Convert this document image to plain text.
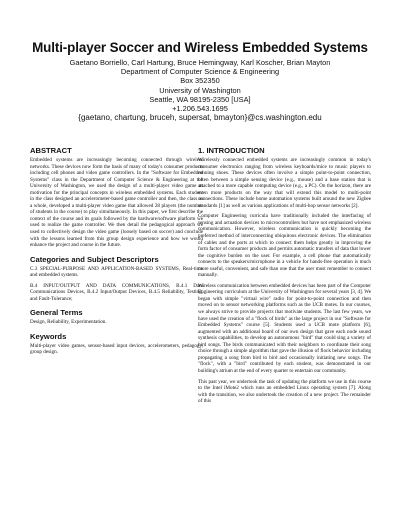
Multi-player Soccer and Wireless Embedded Systems
Gaetano Borriello, Carl Hartung, Bruce Hemingway, Karl Koscher, Brian Mayton
Department of Computer Science & Engineering
Box 352350
University of Washington
Seattle, WA 98195-2350 [USA]
+1.206.543.1695
{gaetano, chartung, bruceh, supersat, bmayton}@cs.washington.edu
ABSTRACT

Embedded systems are increasingly becoming connected through wireless networks. These devices now form the basis of many of today's consumer products including cell phones and video game controllers. In the "Software for Embedded Systems" class in the Department of Computer Science & Engineering at the University of Washington, we used the design of a multi-player video game as motivation for the principal concepts in wireless embedded systems. Each student in the class designed an accelerometer-based game controller and then, the class as a whole, developed a multi-player video game that allowed 28 players (the number of students in the course) to play simultaneously. In this paper, we first describe the context of the course and its goals followed by the hardware/software platform we used to realize the game controller. We then detail the pedagogical approach we used to collectively design the video game (loosely based on soccer) and conclude with the lessons learned from this group design experience and how we would enhance the project and course in the future.

Categories and Subject Descriptors

C.3 SPECIAL-PURPOSE AND APPLICATION-BASED SYSTEMS, Real-time and embedded systems.

B.4 INPUT/OUTPUT AND DATA COMMUNICATIONS, B.4.1 Data Communications Devices, B.4.2 Input/Output Devices, B.4.5 Reliability, Testing, and Fault-Tolerance;

General Terms

Design, Reliability, Experimentation.

Keywords

Multi-player video games, sensor-based input devices, accelerometers, pedagogy, group design.

1. INTRODUCTION

Wirelessly connected embedded systems are increasingly common in today's consumer electronics ranging from wireless keyboards/mice to music players to running shoes. These devices often involve a simple point-to-point connection, often between a simple sensing device (e.g., mouse) and a base station that is attached to a more capable computing device (e.g., a PC). On the horizon, there are even more products on the way that will extend this model to multi-point connections. These include home automation systems built around the new Zigbee standards [1] as well as various applications of multi-hop sensor networks [2].

Computer Engineering curricula have traditionally included the interfacing of sensing and actuation devices to microcontrollers but have not emphasized wireless communication. However, wireless communication is quickly becoming the preferred method of interconnecting ubiquitous electronic devices. The elimination of cables and the ports at which to connect them helps greatly in improving the form factor of consumer products and permits automatic transfers of data that lower the cognitive burden on the user. For example, a cell phone that automatically connects to the speakers/microphone in a vehicle for hands-free operation is much more useful, convenient, and safe than one that the user must remember to connect manually.

Wireless communication between embedded devices has been part of the Computer Engineering curriculum at the University of Washington for several years [3, 4]. We began with simple "virtual wire" radio for point-to-point connection and then moved on to sensor networking platforms such as the UCB motes. In our courses, we always strive to provide projects that motivate students. The last few years, we have used the creation of a "flock of birds" as the large project in our "Software for Embedded Systems" course [5]. Students used a UCB mote platform [6], augmented with an additional board of our own design that gave each node sound synthesis capabilities, to develop an autonomous "bird" that could sing a variety of bird songs. The birds communicated with their neighbors to coordinate their song choice through a simple algorithm that gave the illusion of flock behavior including propagating a song from bird to bird and occasionally initiating new songs. The "flock", with a "bird" contributed by each student, was demonstrated in our building's atrium at the end of every quarter to entertain our community.

This past year, we undertook the task of updating the platform we use in this course to the Intel iMote2 which runs an embedded Linux operating system [7]. Along with the transition, we also undertook the creation of a new project. The remainder of this
